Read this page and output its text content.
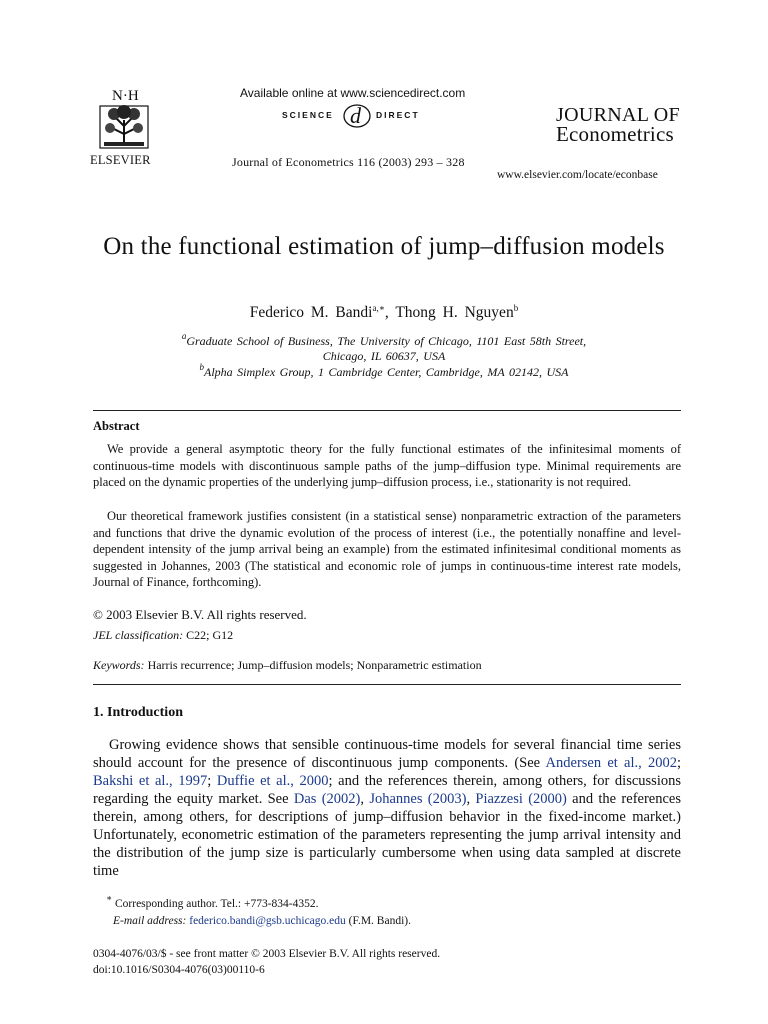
N·H
ELSEVIER
Available online at www.sciencedirect.com
SCIENCE d DIRECT
Journal of Econometrics 116 (2003) 293 – 328
JOURNAL OF
Econometrics
www.elsevier.com/locate/econbase
On the functional estimation of jump–diffusion models
Federico M. Bandi$^{a,∗}$, Thong H. Nguyen$^b$
$^a$Graduate School of Business, The University of Chicago, 1101 East 58th Street,
Chicago, IL 60637, USA
$^b$Alpha Simplex Group, 1 Cambridge Center, Cambridge, MA 02142, USA
Abstract
We provide a general asymptotic theory for the fully functional estimates of the infinitesimal moments of continuous-time models with discontinuous sample paths of the jump–diffusion type. Minimal requirements are placed on the dynamic properties of the underlying jump–diffusion process, i.e., stationarity is not required.
Our theoretical framework justifies consistent (in a statistical sense) nonparametric extraction of the parameters and functions that drive the dynamic evolution of the process of interest (i.e., the potentially nonaffine and level-dependent intensity of the jump arrival being an example) from the estimated infinitesimal conditional moments as suggested in Johannes, 2003 (The statistical and economic role of jumps in continuous-time interest rate models, Journal of Finance, forthcoming).
© 2003 Elsevier B.V. All rights reserved.
JEL classification: C22; G12
Keywords: Harris recurrence; Jump–diffusion models; Nonparametric estimation
1. Introduction
Growing evidence shows that sensible continuous-time models for several financial time series should account for the presence of discontinuous jump components. (See Andersen et al., 2002; Bakshi et al., 1997; Duffie et al., 2000; and the references therein, among others, for discussions regarding the equity market. See Das (2002), Johannes (2003), Piazzesi (2000) and the references therein, among others, for descriptions of jump–diffusion behavior in the fixed-income market.) Unfortunately, econometric estimation of the parameters representing the jump arrival intensity and the distribution of the jump size is particularly cumbersome when using data sampled at discrete time
∗ Corresponding author. Tel.: +773-834-4352.
E-mail address: federico.bandi@gsb.uchicago.edu (F.M. Bandi).
0304-4076/03/$ - see front matter © 2003 Elsevier B.V. All rights reserved.
doi:10.1016/S0304-4076(03)00110-6
